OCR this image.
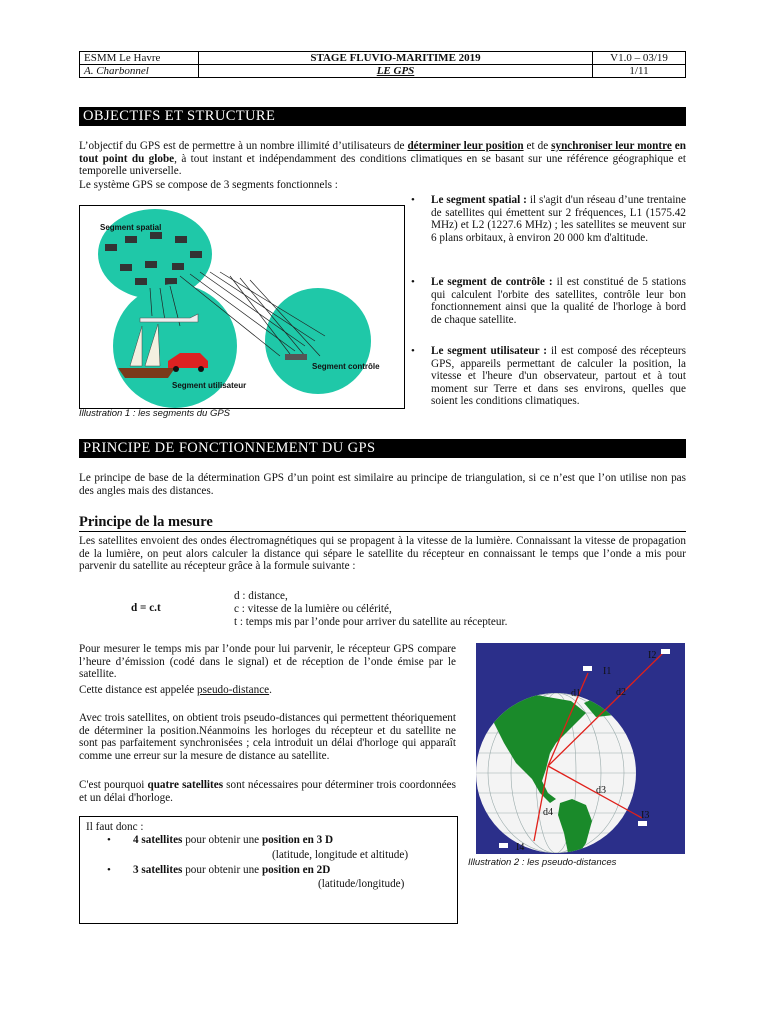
ESMM Le Havre	STAGE FLUVIO-MARITIME 2019	V1.0 – 03/19
A. Charbonnel	LE GPS	1/11
OBJECTIFS ET STRUCTURE
L’objectif du GPS est de permettre à un nombre illimité d’utilisateurs de déterminer leur position et de synchroniser leur montre en tout point du globe, à tout instant et indépendamment des conditions climatiques en se basant sur une référence géographique et temporelle universelle.
Le système GPS se compose de 3 segments fonctionnels :
Segment spatial
Segment utilisateur
Segment contrôle
Illustration 1 : les segments du GPS
• Le segment spatial : il s'agit d'un réseau d’une trentaine de satellites qui émettent sur 2 fréquences, L1 (1575.42 MHz) et L2 (1227.6 MHz) ; les satellites se meuvent sur 6 plans orbitaux, à environ 20 000 km d'altitude.
• Le segment de contrôle : il est constitué de 5 stations qui calculent l'orbite des satellites, contrôle leur bon fonctionnement ainsi que la qualité de l'horloge à bord de chaque satellite.
• Le segment utilisateur : il est composé des récepteurs GPS, appareils permettant de calculer la position, la vitesse et l'heure d'un observateur, partout et à tout moment sur Terre et dans ses environs, quelles que soient les conditions climatiques.
PRINCIPE DE FONCTIONNEMENT DU GPS
Le principe de base de la détermination GPS d’un point est similaire au principe de triangulation, si ce n’est que l’on utilise non pas des angles mais des distances.
Principe de la mesure
Les satellites envoient des ondes électromagnétiques qui se propagent à la vitesse de la lumière. Connaissant la vitesse de propagation de la lumière, on peut alors calculer la distance qui sépare le satellite du récepteur en connaissant le temps que l’onde a mis pour parvenir du satellite au récepteur grâce à la formule suivante :
d = c.t
d : distance,
c : vitesse de la lumière ou célérité,
t : temps mis par l’onde pour arriver du satellite au récepteur.
Pour mesurer le temps mis par l’onde pour lui parvenir, le récepteur GPS compare l’heure d’émission (codé dans le signal) et de réception de l’onde émise par le satellite.
Cette distance est appelée pseudo-distance.
Avec trois satellites, on obtient trois pseudo-distances qui permettent théoriquement de déterminer la position.Néanmoins les horloges du récepteur et du satellite ne sont pas parfaitement synchronisées ; cela introduit un délai d'horloge qui apparaît comme une erreur sur la mesure de distance au satellite.
C'est pourquoi quatre satellites sont nécessaires pour déterminer trois coordonnées et un délai d'horloge.
Il faut donc :
• 4 satellites pour obtenir une position en 3 D
(latitude, longitude et altitude)
• 3 satellites pour obtenir une position en 2D
(latitude/longitude)
I1
I2
I3
I4
d1	d2
d3
d4
Illustration 2 : les pseudo-distances
